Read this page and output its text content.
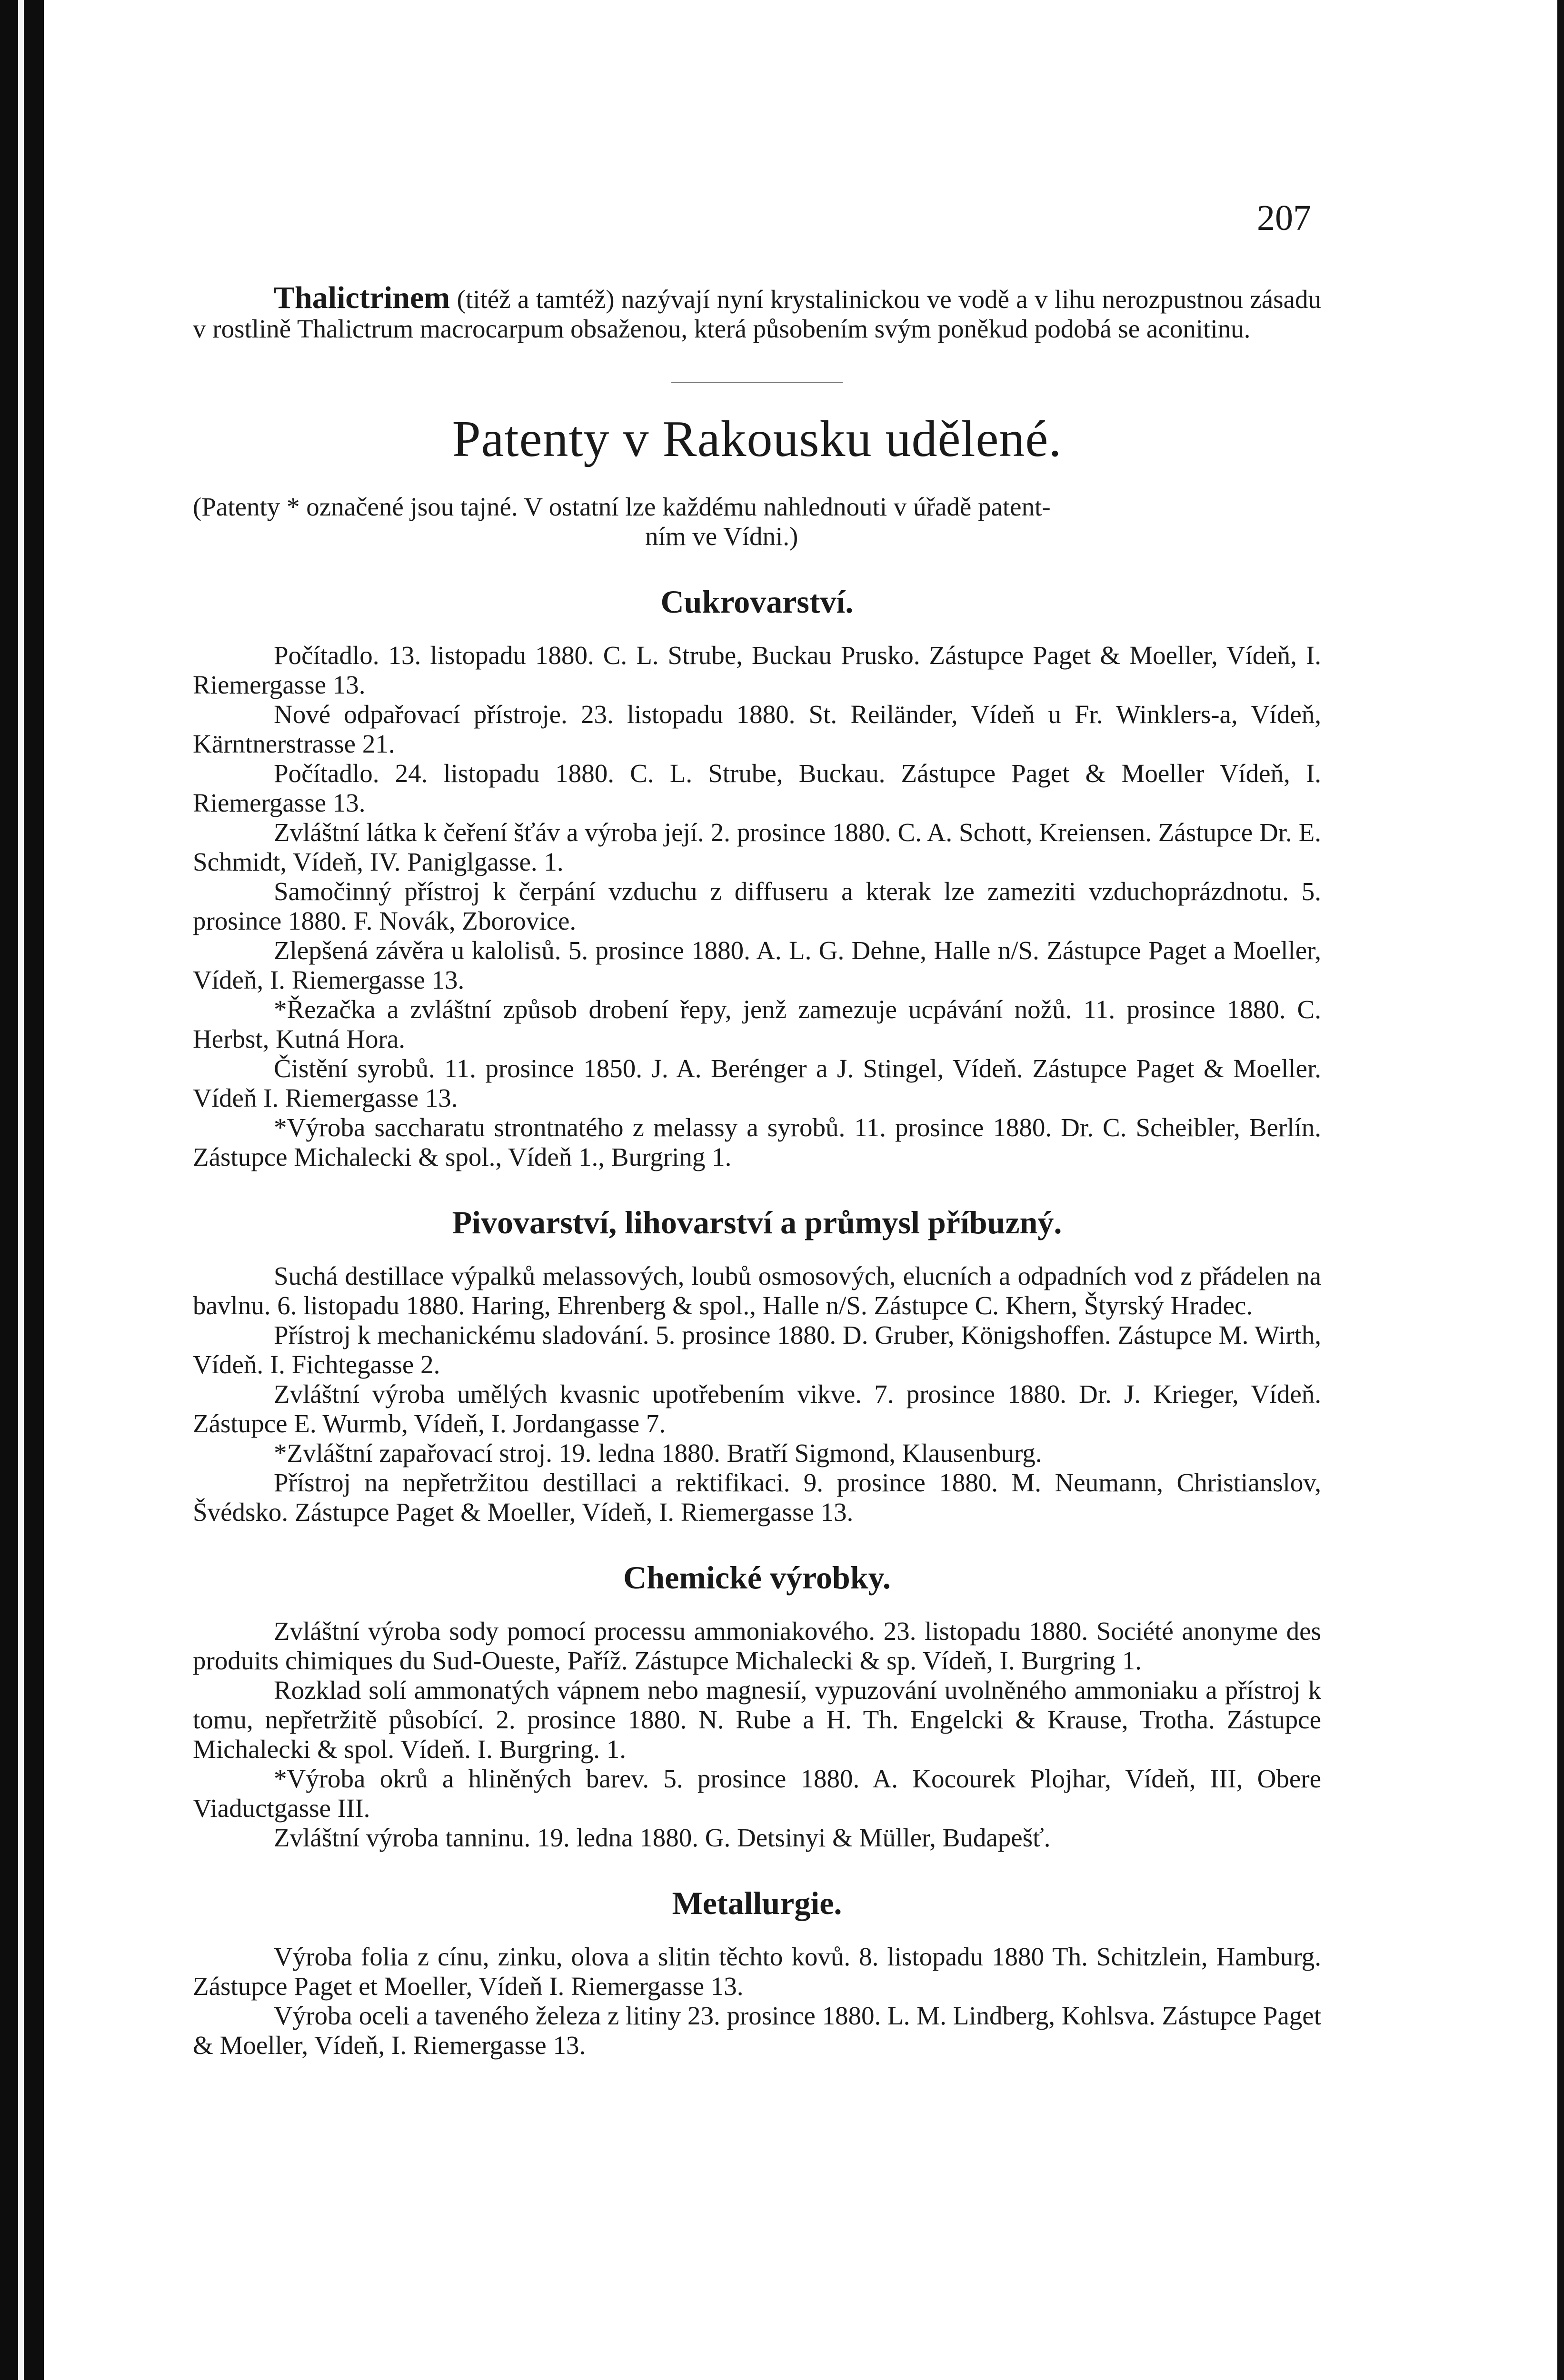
207

Thalictrinem (titéž a tamtéž) nazývají nyní krystalinickou ve vodě a v lihu nerozpustnou zásadu v rostlině Thalictrum macrocarpum obsaženou, která působením svým poněkud podobá se aconitinu.

Patenty v Rakousku udělené.

(Patenty * označené jsou tajné. V ostatní lze každému nahlednouti v úřadě patent-

ním ve Vídni.)

Cukrovarství.

Počítadlo. 13. listopadu 1880. C. L. Strube, Buckau Prusko. Zástupce Paget & Moeller, Vídeň, I. Riemergasse 13.

Nové odpařovací přístroje. 23. listopadu 1880. St. Reiländer, Vídeň u Fr. Winklers-a, Vídeň, Kärntnerstrasse 21.

Počítadlo. 24. listopadu 1880. C. L. Strube, Buckau. Zástupce Paget & Moeller Vídeň, I. Riemergasse 13.

Zvláštní látka k čeření šťáv a výroba její. 2. prosince 1880. C. A. Schott, Kreiensen. Zástupce Dr. E. Schmidt, Vídeň, IV. Paniglgasse. 1.

Samočinný přístroj k čerpání vzduchu z diffuseru a kterak lze zameziti vzduchoprázdnotu. 5. prosince 1880. F. Novák, Zborovice.

Zlepšená závěra u kalolisů. 5. prosince 1880. A. L. G. Dehne, Halle n/S. Zástupce Paget a Moeller, Vídeň, I. Riemergasse 13.

*Řezačka a zvláštní způsob drobení řepy, jenž zamezuje ucpávání nožů. 11. prosince 1880. C. Herbst, Kutná Hora.

Čistění syrobů. 11. prosince 1850. J. A. Berénger a J. Stingel, Vídeň. Zástupce Paget & Moeller. Vídeň I. Riemergasse 13.

*Výroba saccharatu strontnatého z melassy a syrobů. 11. prosince 1880. Dr. C. Scheibler, Berlín. Zástupce Michalecki & spol., Vídeň 1., Burgring 1.

Pivovarství, lihovarství a průmysl příbuzný.

Suchá destillace výpalků melassových, loubů osmosových, elucních a odpadních vod z přádelen na bavlnu. 6. listopadu 1880. Haring, Ehrenberg & spol., Halle n/S. Zástupce C. Khern, Štyrský Hradec.

Přístroj k mechanickému sladování. 5. prosince 1880. D. Gruber, Königshoffen. Zástupce M. Wirth, Vídeň. I. Fichtegasse 2.

Zvláštní výroba umělých kvasnic upotřebením vikve. 7. prosince 1880. Dr. J. Krieger, Vídeň. Zástupce E. Wurmb, Vídeň, I. Jordangasse 7.

*Zvláštní zapařovací stroj. 19. ledna 1880. Bratří Sigmond, Klausenburg.

Přístroj na nepřetržitou destillaci a rektifikaci. 9. prosince 1880. M. Neumann, Christianslov, Švédsko. Zástupce Paget & Moeller, Vídeň, I. Riemergasse 13.

Chemické výrobky.

Zvláštní výroba sody pomocí processu ammoniakového. 23. listopadu 1880. Société anonyme des produits chimiques du Sud-Oueste, Paříž. Zástupce Michalecki & sp. Vídeň, I. Burgring 1.

Rozklad solí ammonatých vápnem nebo magnesií, vypuzování uvolněného ammoniaku a přístroj k tomu, nepřetržitě působící. 2. prosince 1880. N. Rube a H. Th. Engelcki & Krause, Trotha. Zástupce Michalecki & spol. Vídeň. I. Burgring. 1.

*Výroba okrů a hliněných barev. 5. prosince 1880. A. Kocourek Plojhar, Vídeň, III, Obere Viaductgasse III.

Zvláštní výroba tanninu. 19. ledna 1880. G. Detsinyi & Müller, Budapešť.

Metallurgie.

Výroba folia z cínu, zinku, olova a slitin těchto kovů. 8. listopadu 1880 Th. Schitzlein, Hamburg. Zástupce Paget et Moeller, Vídeň I. Riemergasse 13.

Výroba oceli a taveného železa z litiny 23. prosince 1880. L. M. Lindberg, Kohlsva. Zástupce Paget & Moeller, Vídeň, I. Riemergasse 13.
